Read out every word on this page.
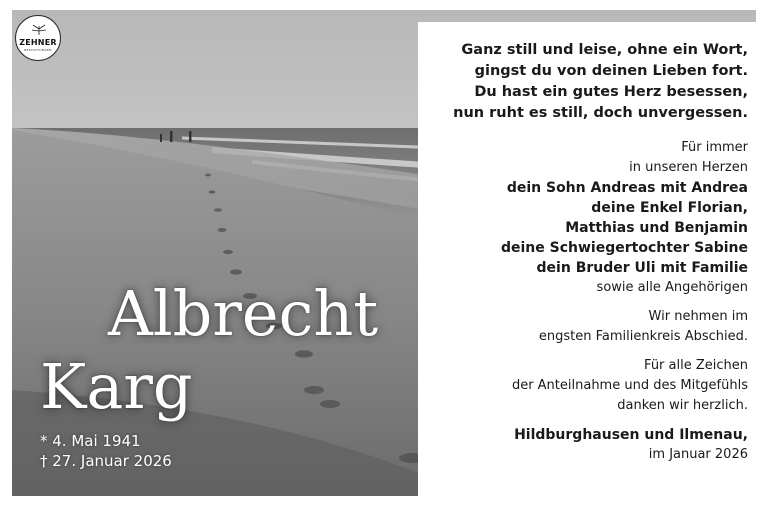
ZEHNER
BESTATTUNGEN
Albrecht
Karg
* 4. Mai 1941
† 27. Januar 2026
Ganz still und leise, ohne ein Wort,
gingst du von deinen Lieben fort.
Du hast ein gutes Herz besessen,
nun ruht es still, doch unvergessen.
Für immer
in unseren Herzen
dein Sohn Andreas mit Andrea
deine Enkel Florian,
Matthias und Benjamin
deine Schwiegertochter Sabine
dein Bruder Uli mit Familie
sowie alle Angehörigen
Wir nehmen im
engsten Familienkreis Abschied.
Für alle Zeichen
der Anteilnahme und des Mitgefühls
danken wir herzlich.
Hildburghausen und Ilmenau,
im Januar 2026
